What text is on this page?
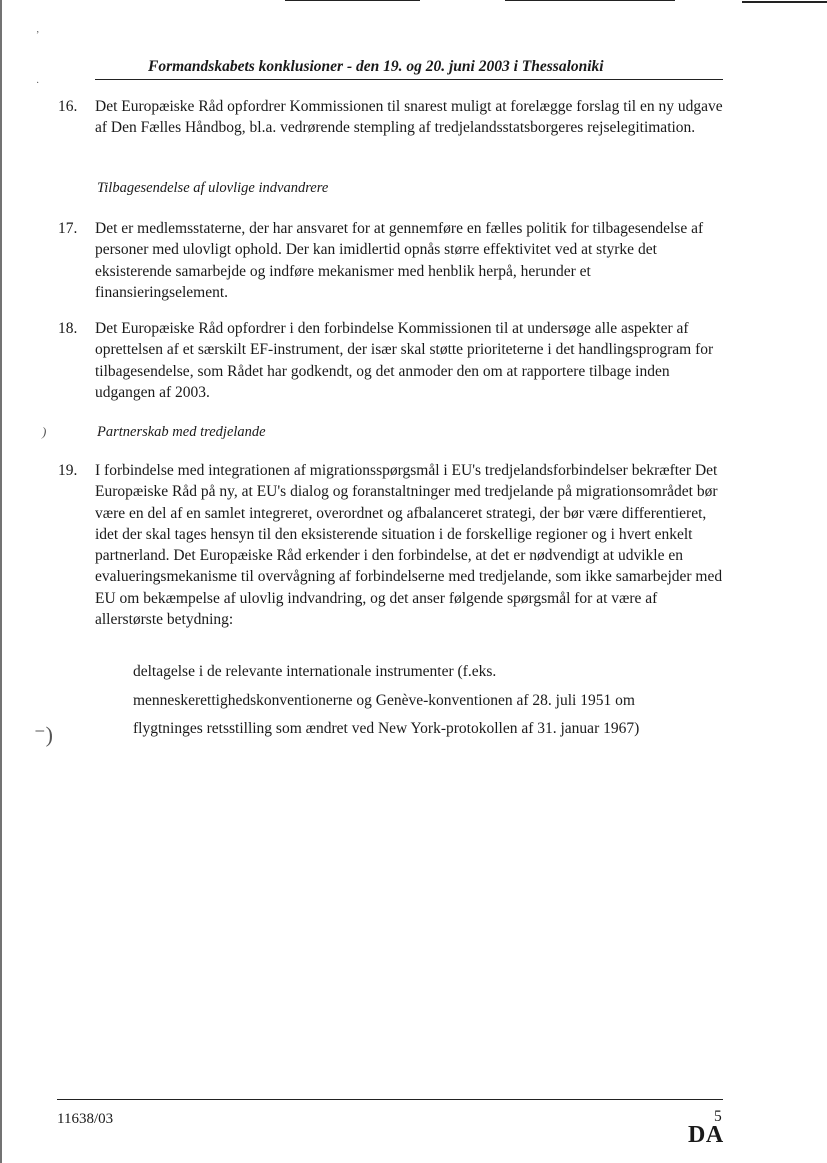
ʼ
·
)
⁻)
Formandskabets konklusioner - den 19. og 20. juni 2003 i Thessaloniki
16. Det Europæiske Råd opfordrer Kommissionen til snarest muligt at forelægge forslag til en ny udgave af Den Fælles Håndbog, bl.a. vedrørende stempling af tredjelandsstatsborgeres rejselegitimation.
Tilbagesendelse af ulovlige indvandrere
17. Det er medlemsstaterne, der har ansvaret for at gennemføre en fælles politik for tilbagesendelse af personer med ulovligt ophold. Der kan imidlertid opnås større effektivitet ved at styrke det eksisterende samarbejde og indføre mekanismer med henblik herpå, herunder et finansieringselement.
18. Det Europæiske Råd opfordrer i den forbindelse Kommissionen til at undersøge alle aspekter af oprettelsen af et særskilt EF-instrument, der især skal støtte prioriteterne i det handlingsprogram for tilbagesendelse, som Rådet har godkendt, og det anmoder den om at rapportere tilbage inden udgangen af 2003.
Partnerskab med tredjelande
19. I forbindelse med integrationen af migrationsspørgsmål i EU's tredjelandsforbindelser bekræfter Det Europæiske Råd på ny, at EU's dialog og foranstaltninger med tredjelande på migrationsområdet bør være en del af en samlet integreret, overordnet og afbalanceret strategi, der bør være differentieret, idet der skal tages hensyn til den eksisterende situation i de forskellige regioner og i hvert enkelt partnerland. Det Europæiske Råd erkender i den forbindelse, at det er nødvendigt at udvikle en evalueringsmekanisme til overvågning af forbindelserne med tredjelande, som ikke samarbejder med EU om bekæmpelse af ulovlig indvandring, og det anser følgende spørgsmål for at være af allerstørste betydning:
deltagelse i de relevante internationale instrumenter (f.eks.
menneskerettighedskonventionerne og Genève-konventionen af 28. juli 1951 om
flygtninges retsstilling som ændret ved New York-protokollen af 31. januar 1967)
11638/03	5
DA
